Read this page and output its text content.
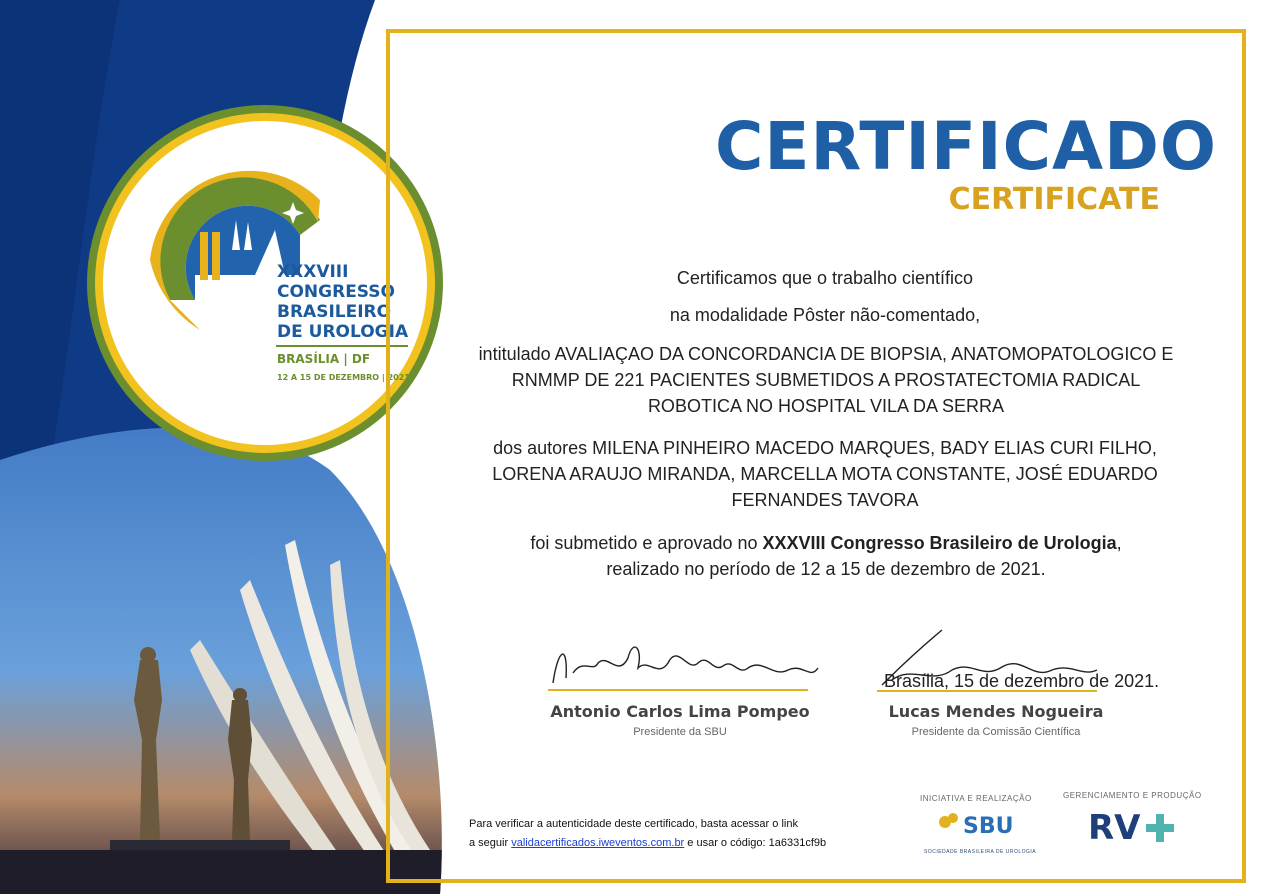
XXXVIII
CONGRESSO
BRASILEIRO
DE UROLOGIA
BRASÍLIA | DF
12 A 15 DE DEZEMBRO | 2021
CERTIFICADO
CERTIFICATE
Certificamos que o trabalho científico
na modalidade Pôster não-comentado,
intitulado AVALIAÇAO DA CONCORDANCIA DE BIOPSIA, ANATOMOPATOLOGICO E RNMMP DE 221 PACIENTES SUBMETIDOS A PROSTATECTOMIA RADICAL ROBOTICA NO HOSPITAL VILA DA SERRA
dos autores MILENA PINHEIRO MACEDO MARQUES, BADY ELIAS CURI FILHO, LORENA ARAUJO MIRANDA, MARCELLA MOTA CONSTANTE, JOSÉ EDUARDO FERNANDES TAVORA
foi submetido e aprovado no XXXVIII Congresso Brasileiro de Urologia,
realizado no período de 12 a 15 de dezembro de 2021.
Antonio Carlos Lima Pompeo
Presidente da SBU
Brasília, 15 de dezembro de 2021.
Lucas Mendes Nogueira
Presidente da Comissão Científica
Para verificar a autenticidade deste certificado, basta acessar o link
a seguir validacertificados.iweventos.com.br e usar o código: 1a6331cf9b
INICIATIVA E REALIZAÇÃO
SBU
SOCIEDADE BRASILEIRA DE UROLOGIA
GERENCIAMENTO E PRODUÇÃO
RV
